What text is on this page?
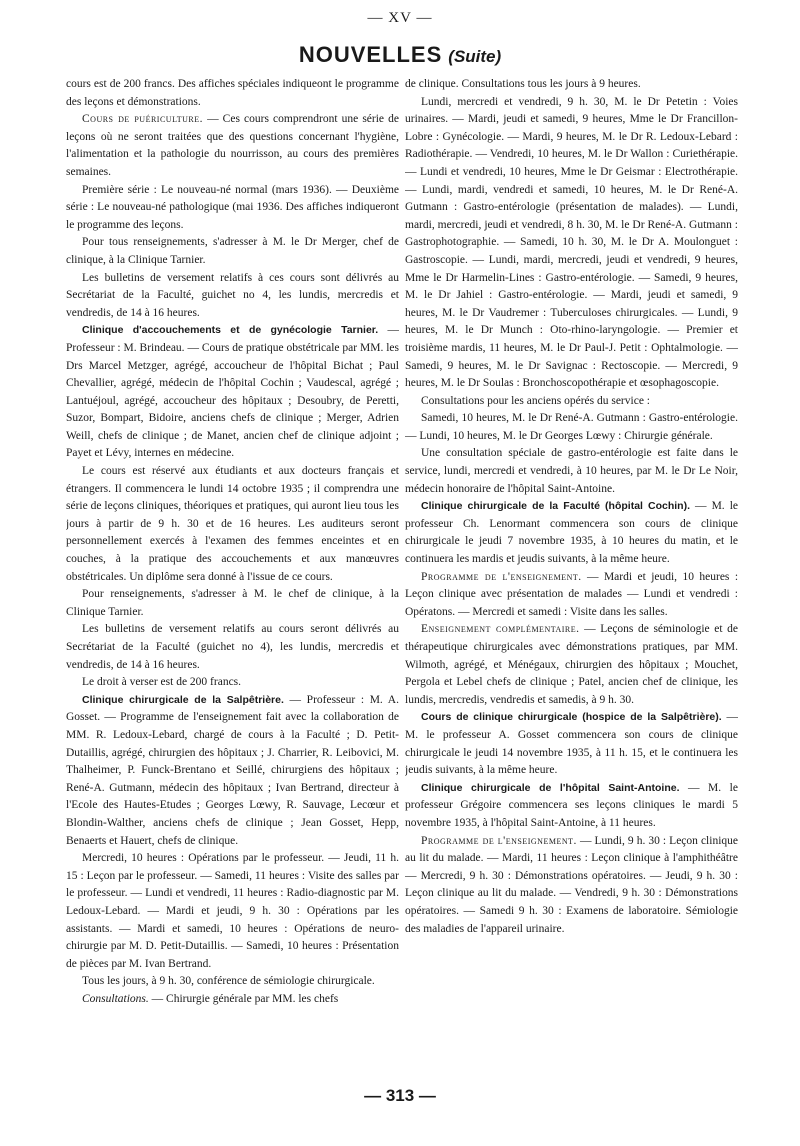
— XV —
NOUVELLES (Suite)

cours est de 200 francs. Des affiches spéciales indiqueont le programme des leçons et démonstrations.

Cours de puériculture. — Ces cours comprendront une série de leçons où ne seront traitées que des questions concernant l'hygiène, l'alimentation et la pathologie du nourrisson, au cours des premières semaines.

Première série : Le nouveau-né normal (mars 1936). — Deuxième série : Le nouveau-né pathologique (mai 1936. Des affiches indiqueront le programme des leçons.

Pour tous renseignements, s'adresser à M. le Dr Merger, chef de clinique, à la Clinique Tarnier.

Les bulletins de versement relatifs à ces cours sont délivrés au Secrétariat de la Faculté, guichet no 4, les lundis, mercredis et vendredis, de 14 à 16 heures.

Clinique d'accouchements et de gynécologie Tarnier. — Professeur : M. Brindeau. — Cours de pratique obstétricale par MM. les Drs Marcel Metzger, agrégé, accoucheur de l'hôpital Bichat ; Paul Chevallier, agrégé, médecin de l'hôpital Cochin ; Vaudescal, agrégé ; Lantuéjoul, agrégé, accoucheur des hôpitaux ; Desoubry, de Peretti, Suzor, Bompart, Bidoire, anciens chefs de clinique ; Merger, Adrien Weill, chefs de clinique ; de Manet, ancien chef de clinique adjoint ; Payet et Lévy, internes en médecine.

Le cours est réservé aux étudiants et aux docteurs français et étrangers. Il commencera le lundi 14 octobre 1935 ; il comprendra une série de leçons cliniques, théoriques et pratiques, qui auront lieu tous les jours à partir de 9 h. 30 et de 16 heures. Les auditeurs seront personnellement exercés à l'examen des femmes enceintes et en couches, à la pratique des accouchements et aux manœuvres obstétricales. Un diplôme sera donné à l'issue de ce cours.

Pour renseignements, s'adresser à M. le chef de clinique, à la Clinique Tarnier.

Les bulletins de versement relatifs au cours seront délivrés au Secrétariat de la Faculté (guichet no 4), les lundis, mercredis et vendredis, de 14 à 16 heures.

Le droit à verser est de 200 francs.

Clinique chirurgicale de la Salpêtrière. — Professeur : M. A. Gosset. — Programme de l'enseignement fait avec la collaboration de MM. R. Ledoux-Lebard, chargé de cours à la Faculté ; D. Petit-Dutaillis, agrégé, chirurgien des hôpitaux ; J. Charrier, R. Leibovici, M. Thalheimer, P. Funck-Brentano et Seillé, chirurgiens des hôpitaux ; René-A. Gutmann, médecin des hôpitaux ; Ivan Bertrand, directeur à l'Ecole des Hautes-Etudes ; Georges Lœwy, R. Sauvage, Lecœur et Blondin-Walther, anciens chefs de clinique ; Jean Gosset, Hepp, Benaerts et Hauert, chefs de clinique.

Mercredi, 10 heures : Opérations par le professeur. — Jeudi, 11 h. 15 : Leçon par le professeur. — Samedi, 11 heures : Visite des salles par le professeur. — Lundi et vendredi, 11 heures : Radio-diagnostic par M. Ledoux-Lebard. — Mardi et jeudi, 9 h. 30 : Opérations par les assistants. — Mardi et samedi, 10 heures : Opérations de neuro-chirurgie par M. D. Petit-Dutaillis. — Samedi, 10 heures : Présentation de pièces par M. Ivan Bertrand.

Tous les jours, à 9 h. 30, conférence de sémiologie chirurgicale.

Consultations. — Chirurgie générale par MM. les chefs

de clinique. Consultations tous les jours à 9 heures.

Lundi, mercredi et vendredi, 9 h. 30, M. le Dr Petetin : Voies urinaires. — Mardi, jeudi et samedi, 9 heures, Mme le Dr Francillon-Lobre : Gynécologie. — Mardi, 9 heures, M. le Dr R. Ledoux-Lebard : Radiothérapie. — Vendredi, 10 heures, M. le Dr Wallon : Curiethérapie. — Lundi et vendredi, 10 heures, Mme le Dr Geismar : Electrothérapie. — Lundi, mardi, vendredi et samedi, 10 heures, M. le Dr René-A. Gutmann : Gastro-entérologie (présentation de malades). — Lundi, mardi, mercredi, jeudi et vendredi, 8 h. 30, M. le Dr René-A. Gutmann : Gastrophotographie. — Samedi, 10 h. 30, M. le Dr A. Moulonguet : Gastroscopie. — Lundi, mardi, mercredi, jeudi et vendredi, 9 heures, Mme le Dr Harmelin-Lines : Gastro-entérologie. — Samedi, 9 heures, M. le Dr Jahiel : Gastro-entérologie. — Mardi, jeudi et samedi, 9 heures, M. le Dr Vaudremer : Tuberculoses chirurgicales. — Lundi, 9 heures, M. le Dr Munch : Oto-rhino-laryngologie. — Premier et troisième mardis, 11 heures, M. le Dr Paul-J. Petit : Ophtalmologie. — Samedi, 9 heures, M. le Dr Savignac : Rectoscopie. — Mercredi, 9 heures, M. le Dr Soulas : Bronchoscopothérapie et œsophagoscopie.

Consultations pour les anciens opérés du service :

Samedi, 10 heures, M. le Dr René-A. Gutmann : Gastro-entérologie. — Lundi, 10 heures, M. le Dr Georges Lœwy : Chirurgie générale.

Une consultation spéciale de gastro-entérologie est faite dans le service, lundi, mercredi et vendredi, à 10 heures, par M. le Dr Le Noir, médecin honoraire de l'hôpital Saint-Antoine.

Clinique chirurgicale de la Faculté (hôpital Cochin). — M. le professeur Ch. Lenormant commencera son cours de clinique chirurgicale le jeudi 7 novembre 1935, à 10 heures du matin, et le continuera les mardis et jeudis suivants, à la même heure.

Programme de l'enseignement. — Mardi et jeudi, 10 heures : Leçon clinique avec présentation de malades — Lundi et vendredi : Opératons. — Mercredi et samedi : Visite dans les salles.

Enseignement complémentaire. — Leçons de séminologie et de thérapeutique chirurgicales avec démonstrations pratiques, par MM. Wilmoth, agrégé, et Ménégaux, chirurgien des hôpitaux ; Mouchet, Pergola et Lebel chefs de clinique ; Patel, ancien chef de clinique, les lundis, mercredis, vendredis et samedis, à 9 h. 30.

Cours de clinique chirurgicale (hospice de la Salpêtrière). — M. le professeur A. Gosset commencera son cours de clinique chirurgicale le jeudi 14 novembre 1935, à 11 h. 15, et le continuera les jeudis suivants, à la même heure.

Clinique chirurgicale de l'hôpital Saint-Antoine. — M. le professeur Grégoire commencera ses leçons cliniques le mardi 5 novembre 1935, à l'hôpital Saint-Antoine, à 11 heures.

Programme de l'enseignement. — Lundi, 9 h. 30 : Leçon clinique au lit du malade. — Mardi, 11 heures : Leçon clinique à l'amphithéâtre — Mercredi, 9 h. 30 : Démonstrations opératoires. — Jeudi, 9 h. 30 : Leçon clinique au lit du malade. — Vendredi, 9 h. 30 : Démonstrations opératoires. — Samedi 9 h. 30 : Examens de laboratoire. Sémiologie des maladies de l'appareil urinaire.

— 313 —
